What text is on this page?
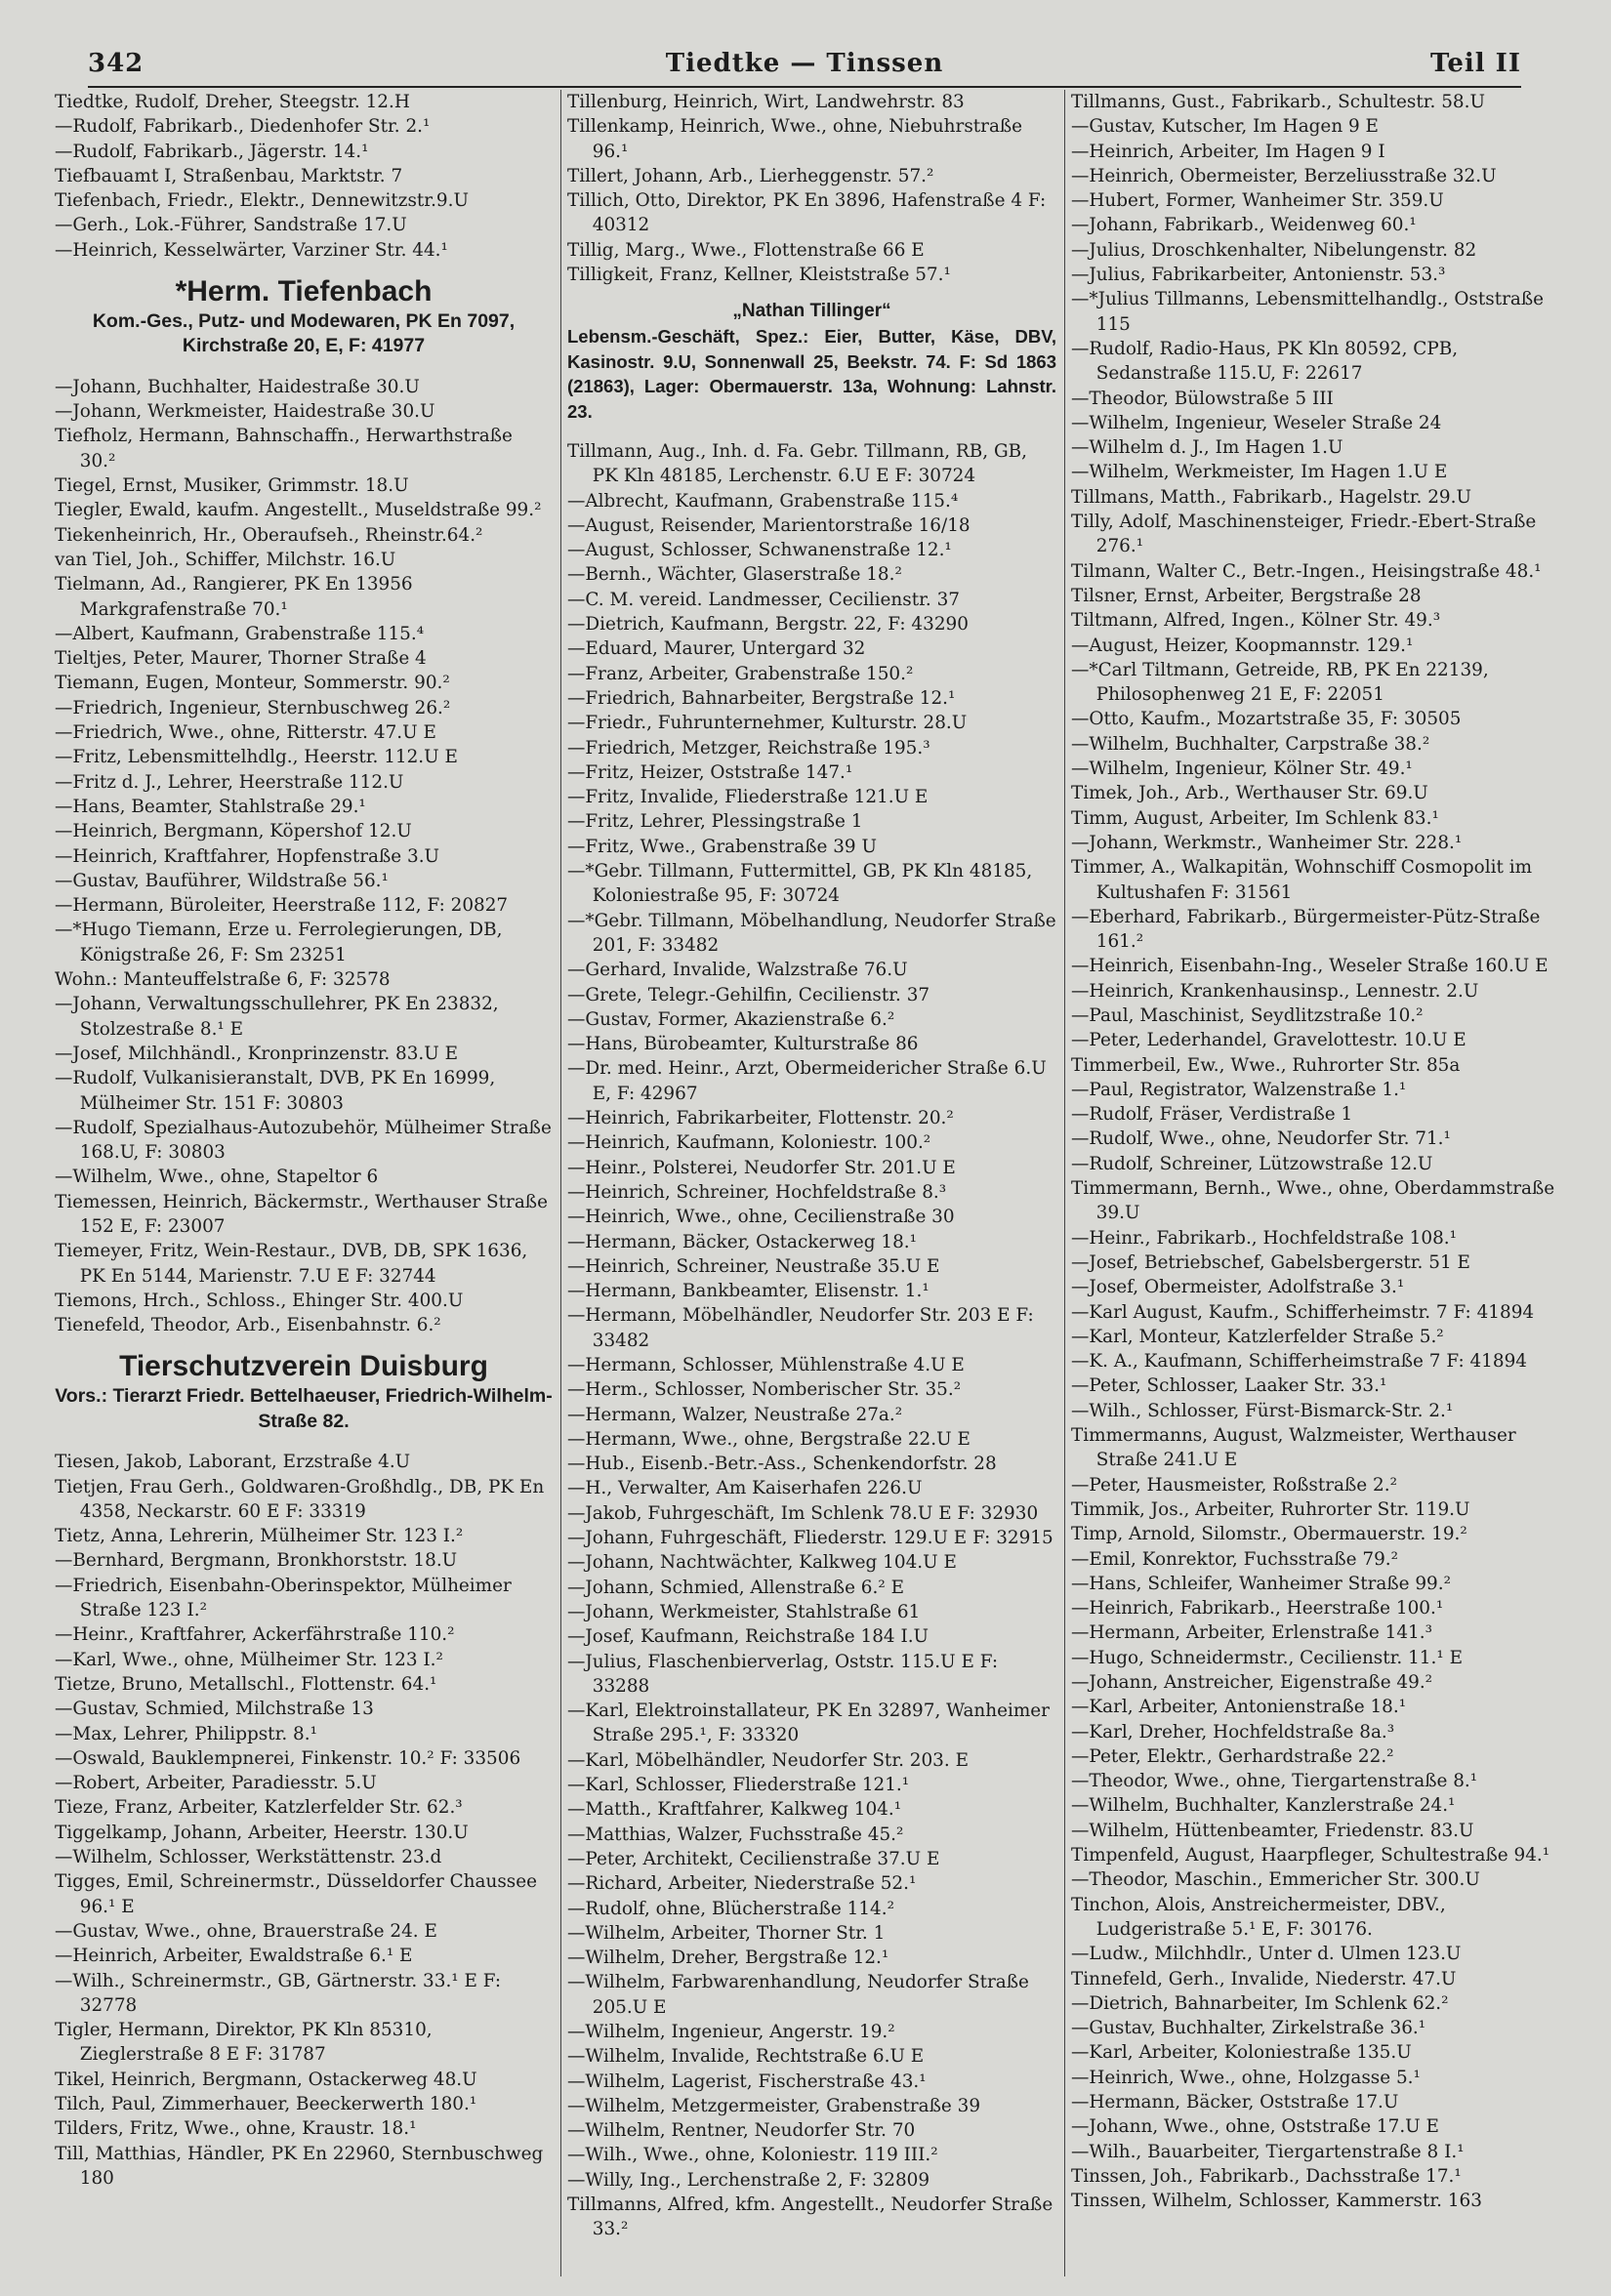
342	Tiedtke — Tinssen	Teil II
Tiedtke, Rudolf, Dreher, Steegstr. 12.H
—Rudolf, Fabrikarb., Diedenhofer Str. 2.¹
—Rudolf, Fabrikarb., Jägerstr. 14.¹
Tiefbauamt I, Straßenbau, Marktstr. 7
Tiefenbach, Friedr., Elektr., Dennewitzstr.9.U
—Gerh., Lok.-Führer, Sandstraße 17.U
—Heinrich, Kesselwärter, Varziner Str. 44.¹
*Herm. Tiefenbach
Kom.-Ges., Putz- und Modewaren, PK En 7097, Kirchstraße 20, E, F: 41977
—Johann, Buchhalter, Haidestraße 30.U
—Johann, Werkmeister, Haidestraße 30.U
Tiefholz, Hermann, Bahnschaffn., Herwarthstraße 30.²
Tiegel, Ernst, Musiker, Grimmstr. 18.U
Tiegler, Ewald, kaufm. Angestellt., Museldstraße 99.²
Tiekenheinrich, Hr., Oberaufseh., Rheinstr.64.²
van Tiel, Joh., Schiffer, Milchstr. 16.U
Tielmann, Ad., Rangierer, PK En 13956 Markgrafenstraße 70.¹
—Albert, Kaufmann, Grabenstraße 115.⁴
Tieltjes, Peter, Maurer, Thorner Straße 4
Tiemann, Eugen, Monteur, Sommerstr. 90.²
—Friedrich, Ingenieur, Sternbuschweg 26.²
—Friedrich, Wwe., ohne, Ritterstr. 47.U E
—Fritz, Lebensmittelhdlg., Heerstr. 112.U E
—Fritz d. J., Lehrer, Heerstraße 112.U
—Hans, Beamter, Stahlstraße 29.¹
—Heinrich, Bergmann, Köpershof 12.U
—Heinrich, Kraftfahrer, Hopfenstraße 3.U
—Gustav, Bauführer, Wildstraße 56.¹
—Hermann, Büroleiter, Heerstraße 112, F: 20827
—*Hugo Tiemann, Erze u. Ferrolegierungen, DB, Königstraße 26, F: Sm 23251
Wohn.: Manteuffelstraße 6, F: 32578
—Johann, Verwaltungsschullehrer, PK En 23832, Stolzestraße 8.¹ E
—Josef, Milchhändl., Kronprinzenstr. 83.U E
—Rudolf, Vulkanisieranstalt, DVB, PK En 16999, Mülheimer Str. 151 F: 30803
—Rudolf, Spezialhaus-Autozubehör, Mülheimer Straße 168.U, F: 30803
—Wilhelm, Wwe., ohne, Stapeltor 6
Tiemessen, Heinrich, Bäckermstr., Werthauser Straße 152 E, F: 23007
Tiemeyer, Fritz, Wein-Restaur., DVB, DB, SPK 1636, PK En 5144, Marienstr. 7.U E F: 32744
Tiemons, Hrch., Schloss., Ehinger Str. 400.U
Tienefeld, Theodor, Arb., Eisenbahnstr. 6.²
Tierschutzverein Duisburg
Vors.: Tierarzt Friedr. Bettelhaeuser, Friedrich-Wilhelm-Straße 82.
Tiesen, Jakob, Laborant, Erzstraße 4.U
Tietjen, Frau Gerh., Goldwaren-Großhdlg., DB, PK En 4358, Neckarstr. 60 E F: 33319
Tietz, Anna, Lehrerin, Mülheimer Str. 123 I.²
—Bernhard, Bergmann, Bronkhorststr. 18.U
—Friedrich, Eisenbahn-Oberinspektor, Mülheimer Straße 123 I.²
—Heinr., Kraftfahrer, Ackerfährstraße 110.²
—Karl, Wwe., ohne, Mülheimer Str. 123 I.²
Tietze, Bruno, Metallschl., Flottenstr. 64.¹
—Gustav, Schmied, Milchstraße 13
—Max, Lehrer, Philippstr. 8.¹
—Oswald, Bauklempnerei, Finkenstr. 10.² F: 33506
—Robert, Arbeiter, Paradiesstr. 5.U
Tieze, Franz, Arbeiter, Katzlerfelder Str. 62.³
Tiggelkamp, Johann, Arbeiter, Heerstr. 130.U
—Wilhelm, Schlosser, Werkstättenstr. 23.d
Tigges, Emil, Schreinermstr., Düsseldorfer Chaussee 96.¹ E
—Gustav, Wwe., ohne, Brauerstraße 24. E
—Heinrich, Arbeiter, Ewaldstraße 6.¹ E
—Wilh., Schreinermstr., GB, Gärtnerstr. 33.¹ E F: 32778
Tigler, Hermann, Direktor, PK Kln 85310, Zieglerstraße 8 E F: 31787
Tikel, Heinrich, Bergmann, Ostackerweg 48.U
Tilch, Paul, Zimmerhauer, Beeckerwerth 180.¹
Tilders, Fritz, Wwe., ohne, Kraustr. 18.¹
Till, Matthias, Händler, PK En 22960, Sternbuschweg 180
Tillenburg, Heinrich, Wirt, Landwehrstr. 83
Tillenkamp, Heinrich, Wwe., ohne, Niebuhrstraße 96.¹
Tillert, Johann, Arb., Lierheggenstr. 57.²
Tillich, Otto, Direktor, PK En 3896, Hafenstraße 4 F: 40312
Tillig, Marg., Wwe., Flottenstraße 66 E
Tilligkeit, Franz, Kellner, Kleiststraße 57.¹
„Nathan Tillinger“
Lebensm.-Geschäft, Spez.: Eier, Butter, Käse, DBV, Kasinostr. 9.U, Sonnenwall 25, Beekstr. 74. F: Sd 1863 (21863), Lager: Obermauerstr. 13a, Wohnung: Lahnstr. 23.
Tillmann, Aug., Inh. d. Fa. Gebr. Tillmann, RB, GB, PK Kln 48185, Lerchenstr. 6.U E F: 30724
—Albrecht, Kaufmann, Grabenstraße 115.⁴
—August, Reisender, Marientorstraße 16/18
—August, Schlosser, Schwanenstraße 12.¹
—Bernh., Wächter, Glaserstraße 18.²
—C. M. vereid. Landmesser, Cecilienstr. 37
—Dietrich, Kaufmann, Bergstr. 22, F: 43290
—Eduard, Maurer, Untergard 32
—Franz, Arbeiter, Grabenstraße 150.²
—Friedrich, Bahnarbeiter, Bergstraße 12.¹
—Friedr., Fuhrunternehmer, Kulturstr. 28.U
—Friedrich, Metzger, Reichstraße 195.³
—Fritz, Heizer, Oststraße 147.¹
—Fritz, Invalide, Fliederstraße 121.U E
—Fritz, Lehrer, Plessingstraße 1
—Fritz, Wwe., Grabenstraße 39 U
—*Gebr. Tillmann, Futtermittel, GB, PK Kln 48185, Koloniestraße 95, F: 30724
—*Gebr. Tillmann, Möbelhandlung, Neudorfer Straße 201, F: 33482
—Gerhard, Invalide, Walzstraße 76.U
—Grete, Telegr.-Gehilfin, Cecilienstr. 37
—Gustav, Former, Akazienstraße 6.²
—Hans, Bürobeamter, Kulturstraße 86
—Dr. med. Heinr., Arzt, Obermeidericher Straße 6.U E, F: 42967
—Heinrich, Fabrikarbeiter, Flottenstr. 20.²
—Heinrich, Kaufmann, Koloniestr. 100.²
—Heinr., Polsterei, Neudorfer Str. 201.U E
—Heinrich, Schreiner, Hochfeldstraße 8.³
—Heinrich, Wwe., ohne, Cecilienstraße 30
—Hermann, Bäcker, Ostackerweg 18.¹
—Heinrich, Schreiner, Neustraße 35.U E
—Hermann, Bankbeamter, Elisenstr. 1.¹
—Hermann, Möbelhändler, Neudorfer Str. 203 E F: 33482
—Hermann, Schlosser, Mühlenstraße 4.U E
—Herm., Schlosser, Nomberischer Str. 35.²
—Hermann, Walzer, Neustraße 27a.²
—Hermann, Wwe., ohne, Bergstraße 22.U E
—Hub., Eisenb.-Betr.-Ass., Schenkendorfstr. 28
—H., Verwalter, Am Kaiserhafen 226.U
—Jakob, Fuhrgeschäft, Im Schlenk 78.U E F: 32930
—Johann, Fuhrgeschäft, Fliederstr. 129.U E F: 32915
—Johann, Nachtwächter, Kalkweg 104.U E
—Johann, Schmied, Allenstraße 6.² E
—Johann, Werkmeister, Stahlstraße 61
—Josef, Kaufmann, Reichstraße 184 I.U
—Julius, Flaschenbierverlag, Oststr. 115.U E F: 33288
—Karl, Elektroinstallateur, PK En 32897, Wanheimer Straße 295.¹, F: 33320
—Karl, Möbelhändler, Neudorfer Str. 203. E
—Karl, Schlosser, Fliederstraße 121.¹
—Matth., Kraftfahrer, Kalkweg 104.¹
—Matthias, Walzer, Fuchsstraße 45.²
—Peter, Architekt, Cecilienstraße 37.U E
—Richard, Arbeiter, Niederstraße 52.¹
—Rudolf, ohne, Blücherstraße 114.²
—Wilhelm, Arbeiter, Thorner Str. 1
—Wilhelm, Dreher, Bergstraße 12.¹
—Wilhelm, Farbwarenhandlung, Neudorfer Straße 205.U E
—Wilhelm, Ingenieur, Angerstr. 19.²
—Wilhelm, Invalide, Rechtstraße 6.U E
—Wilhelm, Lagerist, Fischerstraße 43.¹
—Wilhelm, Metzgermeister, Grabenstraße 39
—Wilhelm, Rentner, Neudorfer Str. 70
—Wilh., Wwe., ohne, Koloniestr. 119 III.²
—Willy, Ing., Lerchenstraße 2, F: 32809
Tillmanns, Alfred, kfm. Angestellt., Neudorfer Straße 33.²
Tillmanns, Gust., Fabrikarb., Schultestr. 58.U
—Gustav, Kutscher, Im Hagen 9 E
—Heinrich, Arbeiter, Im Hagen 9 I
—Heinrich, Obermeister, Berzeliusstraße 32.U
—Hubert, Former, Wanheimer Str. 359.U
—Johann, Fabrikarb., Weidenweg 60.¹
—Julius, Droschkenhalter, Nibelungenstr. 82
—Julius, Fabrikarbeiter, Antonienstr. 53.³
—*Julius Tillmanns, Lebensmittelhandlg., Oststraße 115
—Rudolf, Radio-Haus, PK Kln 80592, CPB, Sedanstraße 115.U, F: 22617
—Theodor, Bülowstraße 5 III
—Wilhelm, Ingenieur, Weseler Straße 24
—Wilhelm d. J., Im Hagen 1.U
—Wilhelm, Werkmeister, Im Hagen 1.U E
Tillmans, Matth., Fabrikarb., Hagelstr. 29.U
Tilly, Adolf, Maschinensteiger, Friedr.-Ebert-Straße 276.¹
Tilmann, Walter C., Betr.-Ingen., Heisingstraße 48.¹
Tilsner, Ernst, Arbeiter, Bergstraße 28
Tiltmann, Alfred, Ingen., Kölner Str. 49.³
—August, Heizer, Koopmannstr. 129.¹
—*Carl Tiltmann, Getreide, RB, PK En 22139, Philosophenweg 21 E, F: 22051
—Otto, Kaufm., Mozartstraße 35, F: 30505
—Wilhelm, Buchhalter, Carpstraße 38.²
—Wilhelm, Ingenieur, Kölner Str. 49.¹
Timek, Joh., Arb., Werthauser Str. 69.U
Timm, August, Arbeiter, Im Schlenk 83.¹
—Johann, Werkmstr., Wanheimer Str. 228.¹
Timmer, A., Walkapitän, Wohnschiff Cosmopolit im Kultushafen F: 31561
—Eberhard, Fabrikarb., Bürgermeister-Pütz-Straße 161.²
—Heinrich, Eisenbahn-Ing., Weseler Straße 160.U E
—Heinrich, Krankenhausinsp., Lennestr. 2.U
—Paul, Maschinist, Seydlitzstraße 10.²
—Peter, Lederhandel, Gravelottestr. 10.U E
Timmerbeil, Ew., Wwe., Ruhrorter Str. 85a
—Paul, Registrator, Walzenstraße 1.¹
—Rudolf, Fräser, Verdistraße 1
—Rudolf, Wwe., ohne, Neudorfer Str. 71.¹
—Rudolf, Schreiner, Lützowstraße 12.U
Timmermann, Bernh., Wwe., ohne, Oberdammstraße 39.U
—Heinr., Fabrikarb., Hochfeldstraße 108.¹
—Josef, Betriebschef, Gabelsbergerstr. 51 E
—Josef, Obermeister, Adolfstraße 3.¹
—Karl August, Kaufm., Schifferheimstr. 7 F: 41894
—Karl, Monteur, Katzlerfelder Straße 5.²
—K. A., Kaufmann, Schifferheimstraße 7 F: 41894
—Peter, Schlosser, Laaker Str. 33.¹
—Wilh., Schlosser, Fürst-Bismarck-Str. 2.¹
Timmermanns, August, Walzmeister, Werthauser Straße 241.U E
—Peter, Hausmeister, Roßstraße 2.²
Timmik, Jos., Arbeiter, Ruhrorter Str. 119.U
Timp, Arnold, Silomstr., Obermauerstr. 19.²
—Emil, Konrektor, Fuchsstraße 79.²
—Hans, Schleifer, Wanheimer Straße 99.²
—Heinrich, Fabrikarb., Heerstraße 100.¹
—Hermann, Arbeiter, Erlenstraße 141.³
—Hugo, Schneidermstr., Cecilienstr. 11.¹ E
—Johann, Anstreicher, Eigenstraße 49.²
—Karl, Arbeiter, Antonienstraße 18.¹
—Karl, Dreher, Hochfeldstraße 8a.³
—Peter, Elektr., Gerhardstraße 22.²
—Theodor, Wwe., ohne, Tiergartenstraße 8.¹
—Wilhelm, Buchhalter, Kanzlerstraße 24.¹
—Wilhelm, Hüttenbeamter, Friedenstr. 83.U
Timpenfeld, August, Haarpfleger, Schultestraße 94.¹
—Theodor, Maschin., Emmericher Str. 300.U
Tinchon, Alois, Anstreichermeister, DBV., Ludgeristraße 5.¹ E, F: 30176.
—Ludw., Milchhdlr., Unter d. Ulmen 123.U
Tinnefeld, Gerh., Invalide, Niederstr. 47.U
—Dietrich, Bahnarbeiter, Im Schlenk 62.²
—Gustav, Buchhalter, Zirkelstraße 36.¹
—Karl, Arbeiter, Koloniestraße 135.U
—Heinrich, Wwe., ohne, Holzgasse 5.¹
—Hermann, Bäcker, Oststraße 17.U
—Johann, Wwe., ohne, Oststraße 17.U E
—Wilh., Bauarbeiter, Tiergartenstraße 8 I.¹
Tinssen, Joh., Fabrikarb., Dachsstraße 17.¹
Tinssen, Wilhelm, Schlosser, Kammerstr. 163
